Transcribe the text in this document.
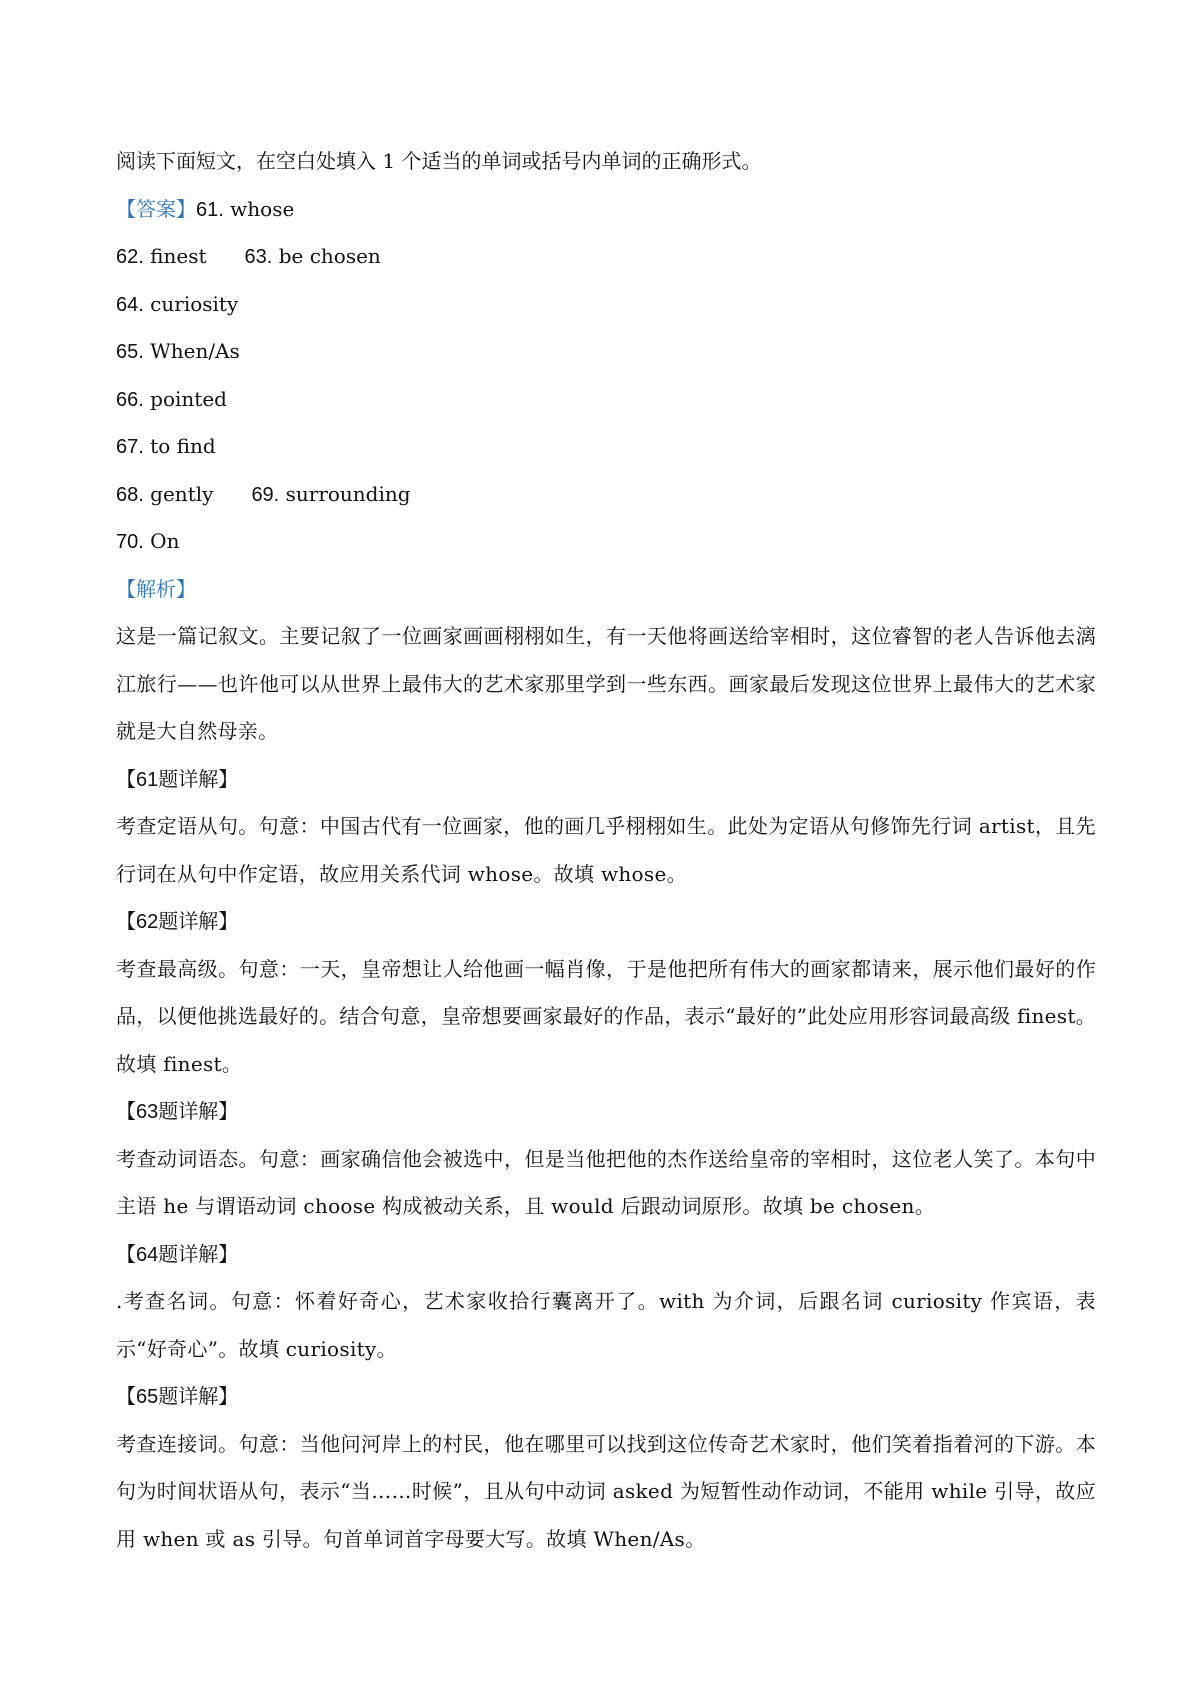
阅读下面短文，在空白处填入 1 个适当的单词或括号内单词的正确形式。
【答案】61. whose
62. finest 63. be chosen
64. curiosity
65. When/As
66. pointed
67. to find
68. gently 69. surrounding
70. On
【解析】
这是一篇记叙文。主要记叙了一位画家画画栩栩如生，有一天他将画送给宰相时，这位睿智的老人告诉他去漓江旅行——也许他可以从世界上最伟大的艺术家那里学到一些东西。画家最后发现这位世界上最伟大的艺术家就是大自然母亲。
【61题详解】
考查定语从句。句意：中国古代有一位画家，他的画几乎栩栩如生。此处为定语从句修饰先行词 artist，且先行词在从句中作定语，故应用关系代词 whose。故填 whose。
【62题详解】
考查最高级。句意：一天，皇帝想让人给他画一幅肖像，于是他把所有伟大的画家都请来，展示他们最好的作品，以便他挑选最好的。结合句意，皇帝想要画家最好的作品，表示“最好的”此处应用形容词最高级 finest。故填 finest。
【63题详解】
考查动词语态。句意：画家确信他会被选中，但是当他把他的杰作送给皇帝的宰相时，这位老人笑了。本句中主语 he 与谓语动词 choose 构成被动关系，且 would 后跟动词原形。故填 be chosen。
【64题详解】
.考查名词。句意：怀着好奇心，艺术家收拾行囊离开了。with 为介词，后跟名词 curiosity 作宾语，表示“好奇心”。故填 curiosity。
【65题详解】
考查连接词。句意：当他问河岸上的村民，他在哪里可以找到这位传奇艺术家时，他们笑着指着河的下游。本句为时间状语从句，表示“当……时候”，且从句中动词 asked 为短暂性动作动词，不能用 while 引导，故应用 when 或 as 引导。句首单词首字母要大写。故填 When/As。
